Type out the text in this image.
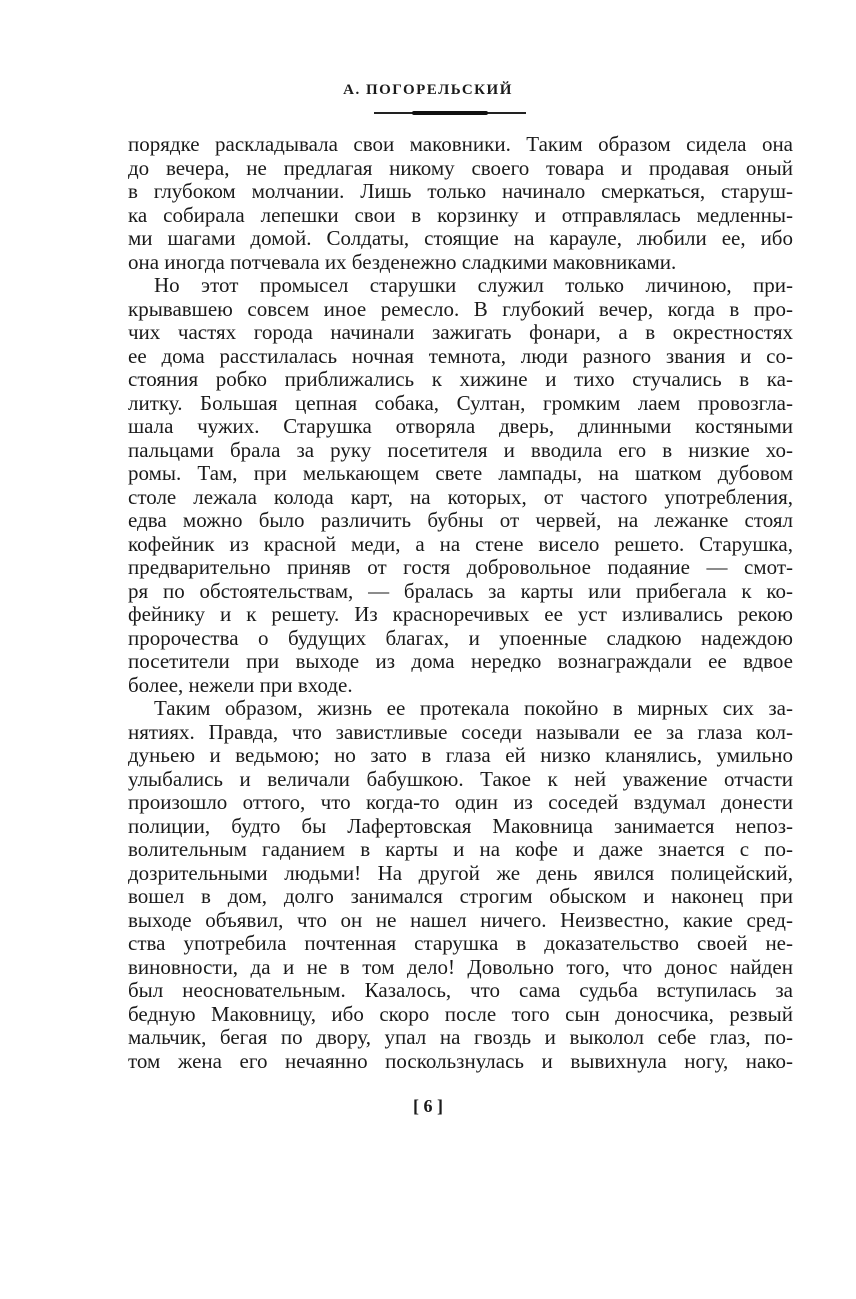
А. ПОГОРЕЛЬСКИЙ
порядке раскладывала свои маковники. Таким образом сидела она
до вечера, не предлагая никому своего товара и продавая оный
в глубоком молчании. Лишь только начинало смеркаться, старуш-
ка собирала лепешки свои в корзинку и отправлялась медленны-
ми шагами домой. Солдаты, стоящие на карауле, любили ее, ибо
она иногда потчевала их безденежно сладкими маковниками.
Но этот промысел старушки служил только личиною, при-
крывавшею совсем иное ремесло. В глубокий вечер, когда в про-
чих частях города начинали зажигать фонари, а в окрестностях
ее дома расстилалась ночная темнота, люди разного звания и со-
стояния робко приближались к хижине и тихо стучались в ка-
литку. Большая цепная собака, Султан, громким лаем провозгла-
шала чужих. Старушка отворяла дверь, длинными костяными
пальцами брала за руку посетителя и вводила его в низкие хо-
ромы. Там, при мелькающем свете лампады, на шатком дубовом
столе лежала колода карт, на которых, от частого употребления,
едва можно было различить бубны от червей, на лежанке стоял
кофейник из красной меди, а на стене висело решето. Старушка,
предварительно приняв от гостя добровольное подаяние — смот-
ря по обстоятельствам, — бралась за карты или прибегала к ко-
фейнику и к решету. Из красноречивых ее уст изливались рекою
пророчества о будущих благах, и упоенные сладкою надеждою
посетители при выходе из дома нередко вознаграждали ее вдвое
более, нежели при входе.
Таким образом, жизнь ее протекала покойно в мирных сих за-
нятиях. Правда, что завистливые соседи называли ее за глаза кол-
дуньею и ведьмою; но зато в глаза ей низко кланялись, умильно
улыбались и величали бабушкою. Такое к ней уважение отчасти
произошло оттого, что когда-то один из соседей вздумал донести
полиции, будто бы Лафертовская Маковница занимается непоз-
волительным гаданием в карты и на кофе и даже знается с по-
дозрительными людьми! На другой же день явился полицейский,
вошел в дом, долго занимался строгим обыском и наконец при
выходе объявил, что он не нашел ничего. Неизвестно, какие сред-
ства употребила почтенная старушка в доказательство своей не-
виновности, да и не в том дело! Довольно того, что донос найден
был неосновательным. Казалось, что сама судьба вступилась за
бедную Маковницу, ибо скоро после того сын доносчика, резвый
мальчик, бегая по двору, упал на гвоздь и выколол себе глаз, по-
том жена его нечаянно поскользнулась и вывихнула ногу, нако-
[ 6 ]
